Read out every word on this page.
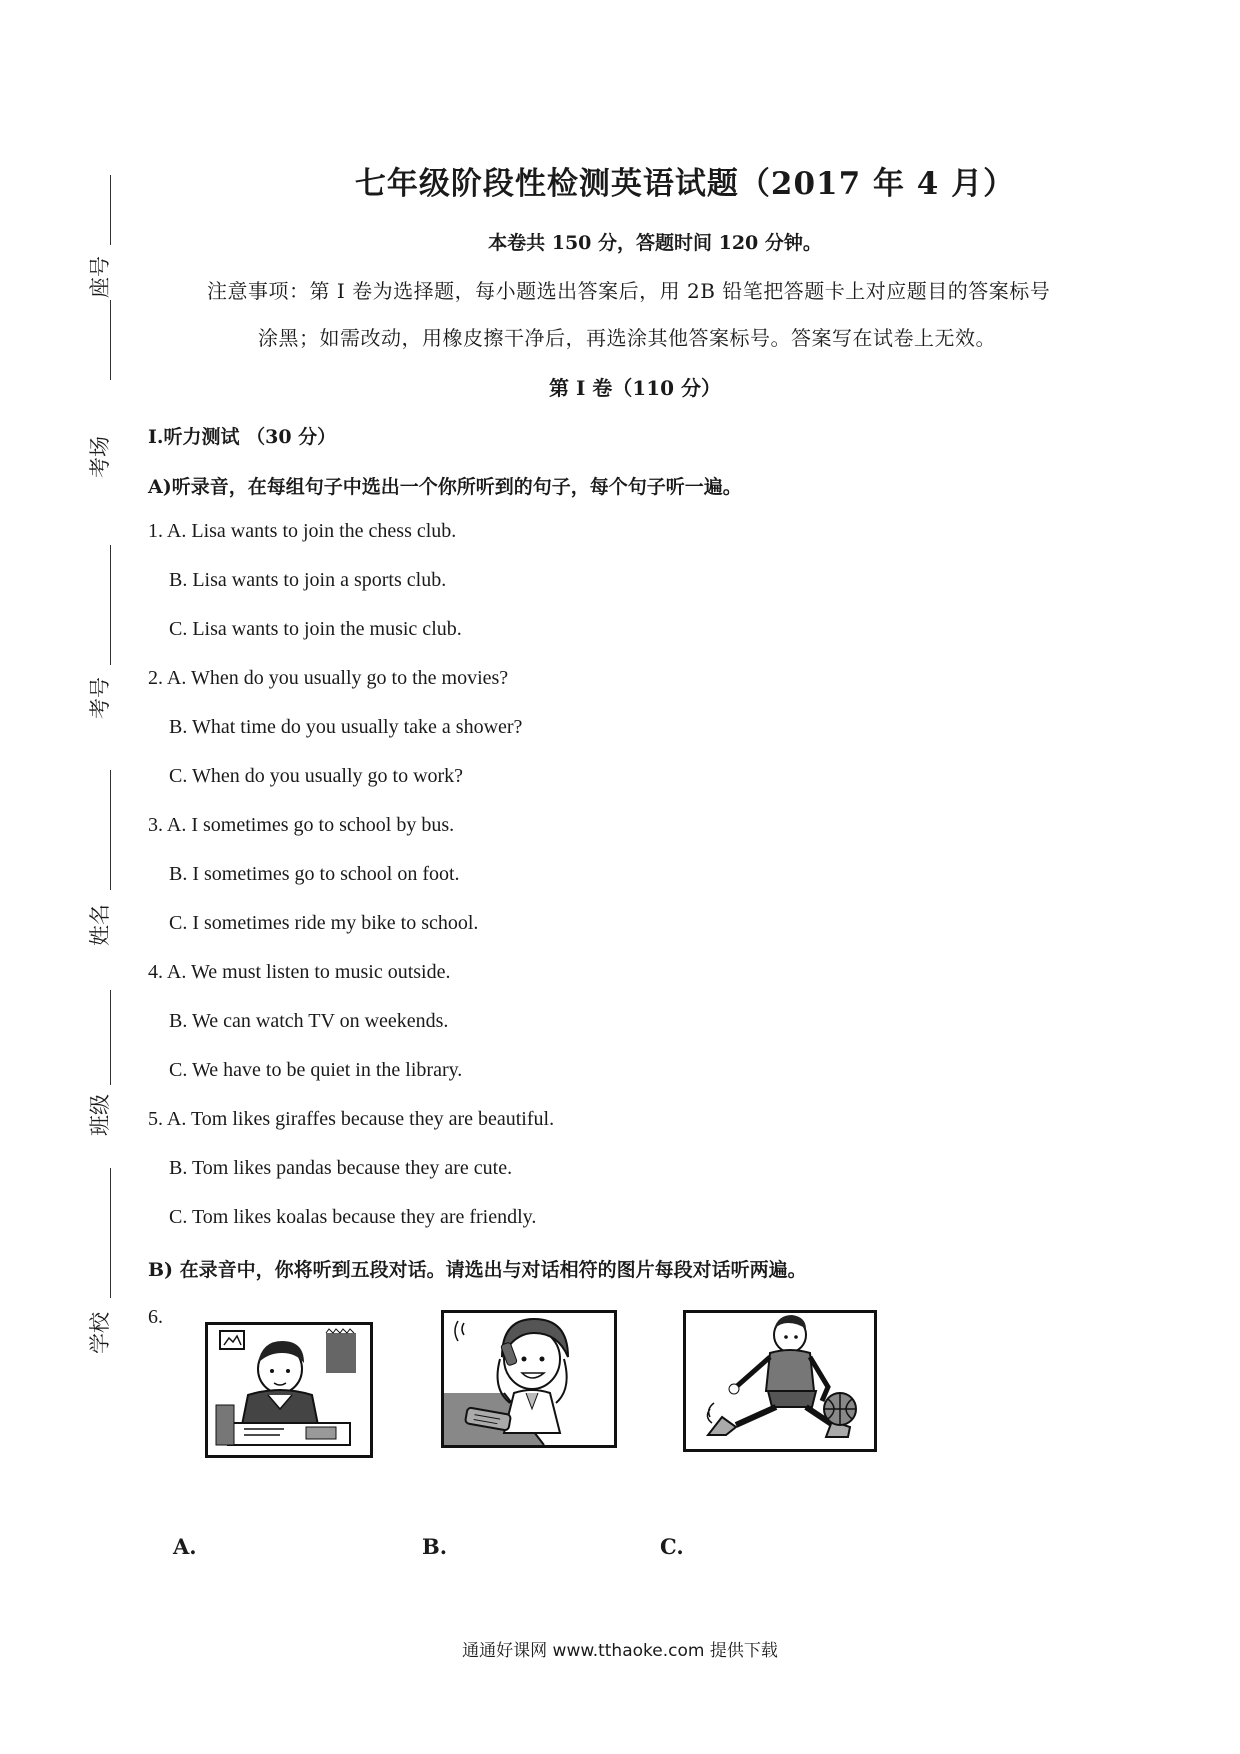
座号
考场
考号
姓名
班级
学校
七年级阶段性检测英语试题（2017 年 4 月）
本卷共 150 分，答题时间 120 分钟。
注意事项：第 I 卷为选择题，每小题选出答案后，用 2B 铅笔把答题卡上对应题目的答案标号
涂黑；如需改动，用橡皮擦干净后，再选涂其他答案标号。答案写在试卷上无效。
第 I 卷（110 分）
I.听力测试 （30 分）
A)听录音，在每组句子中选出一个你所听到的句子，每个句子听一遍。
1. A. Lisa wants to join the chess club.
B. Lisa wants to join a sports club.
C. Lisa wants to join the music club.
2. A. When do you usually go to the movies?
B. What time do you usually take a shower?
C. When do you usually go to work?
3. A. I sometimes go to school by bus.
B. I sometimes go to school on foot.
C. I sometimes ride my bike to school.
4. A. We must listen to music outside.
B. We can watch TV on weekends.
C. We have to be quiet in the library.
5. A. Tom likes giraffes because they are beautiful.
B. Tom likes pandas because they are cute.
C. Tom likes koalas because they are friendly.
B) 在录音中，你将听到五段对话。请选出与对话相符的图片每段对话听两遍。
6.
A.	B.	C.
通通好课网 www.tthaoke.com 提供下载
